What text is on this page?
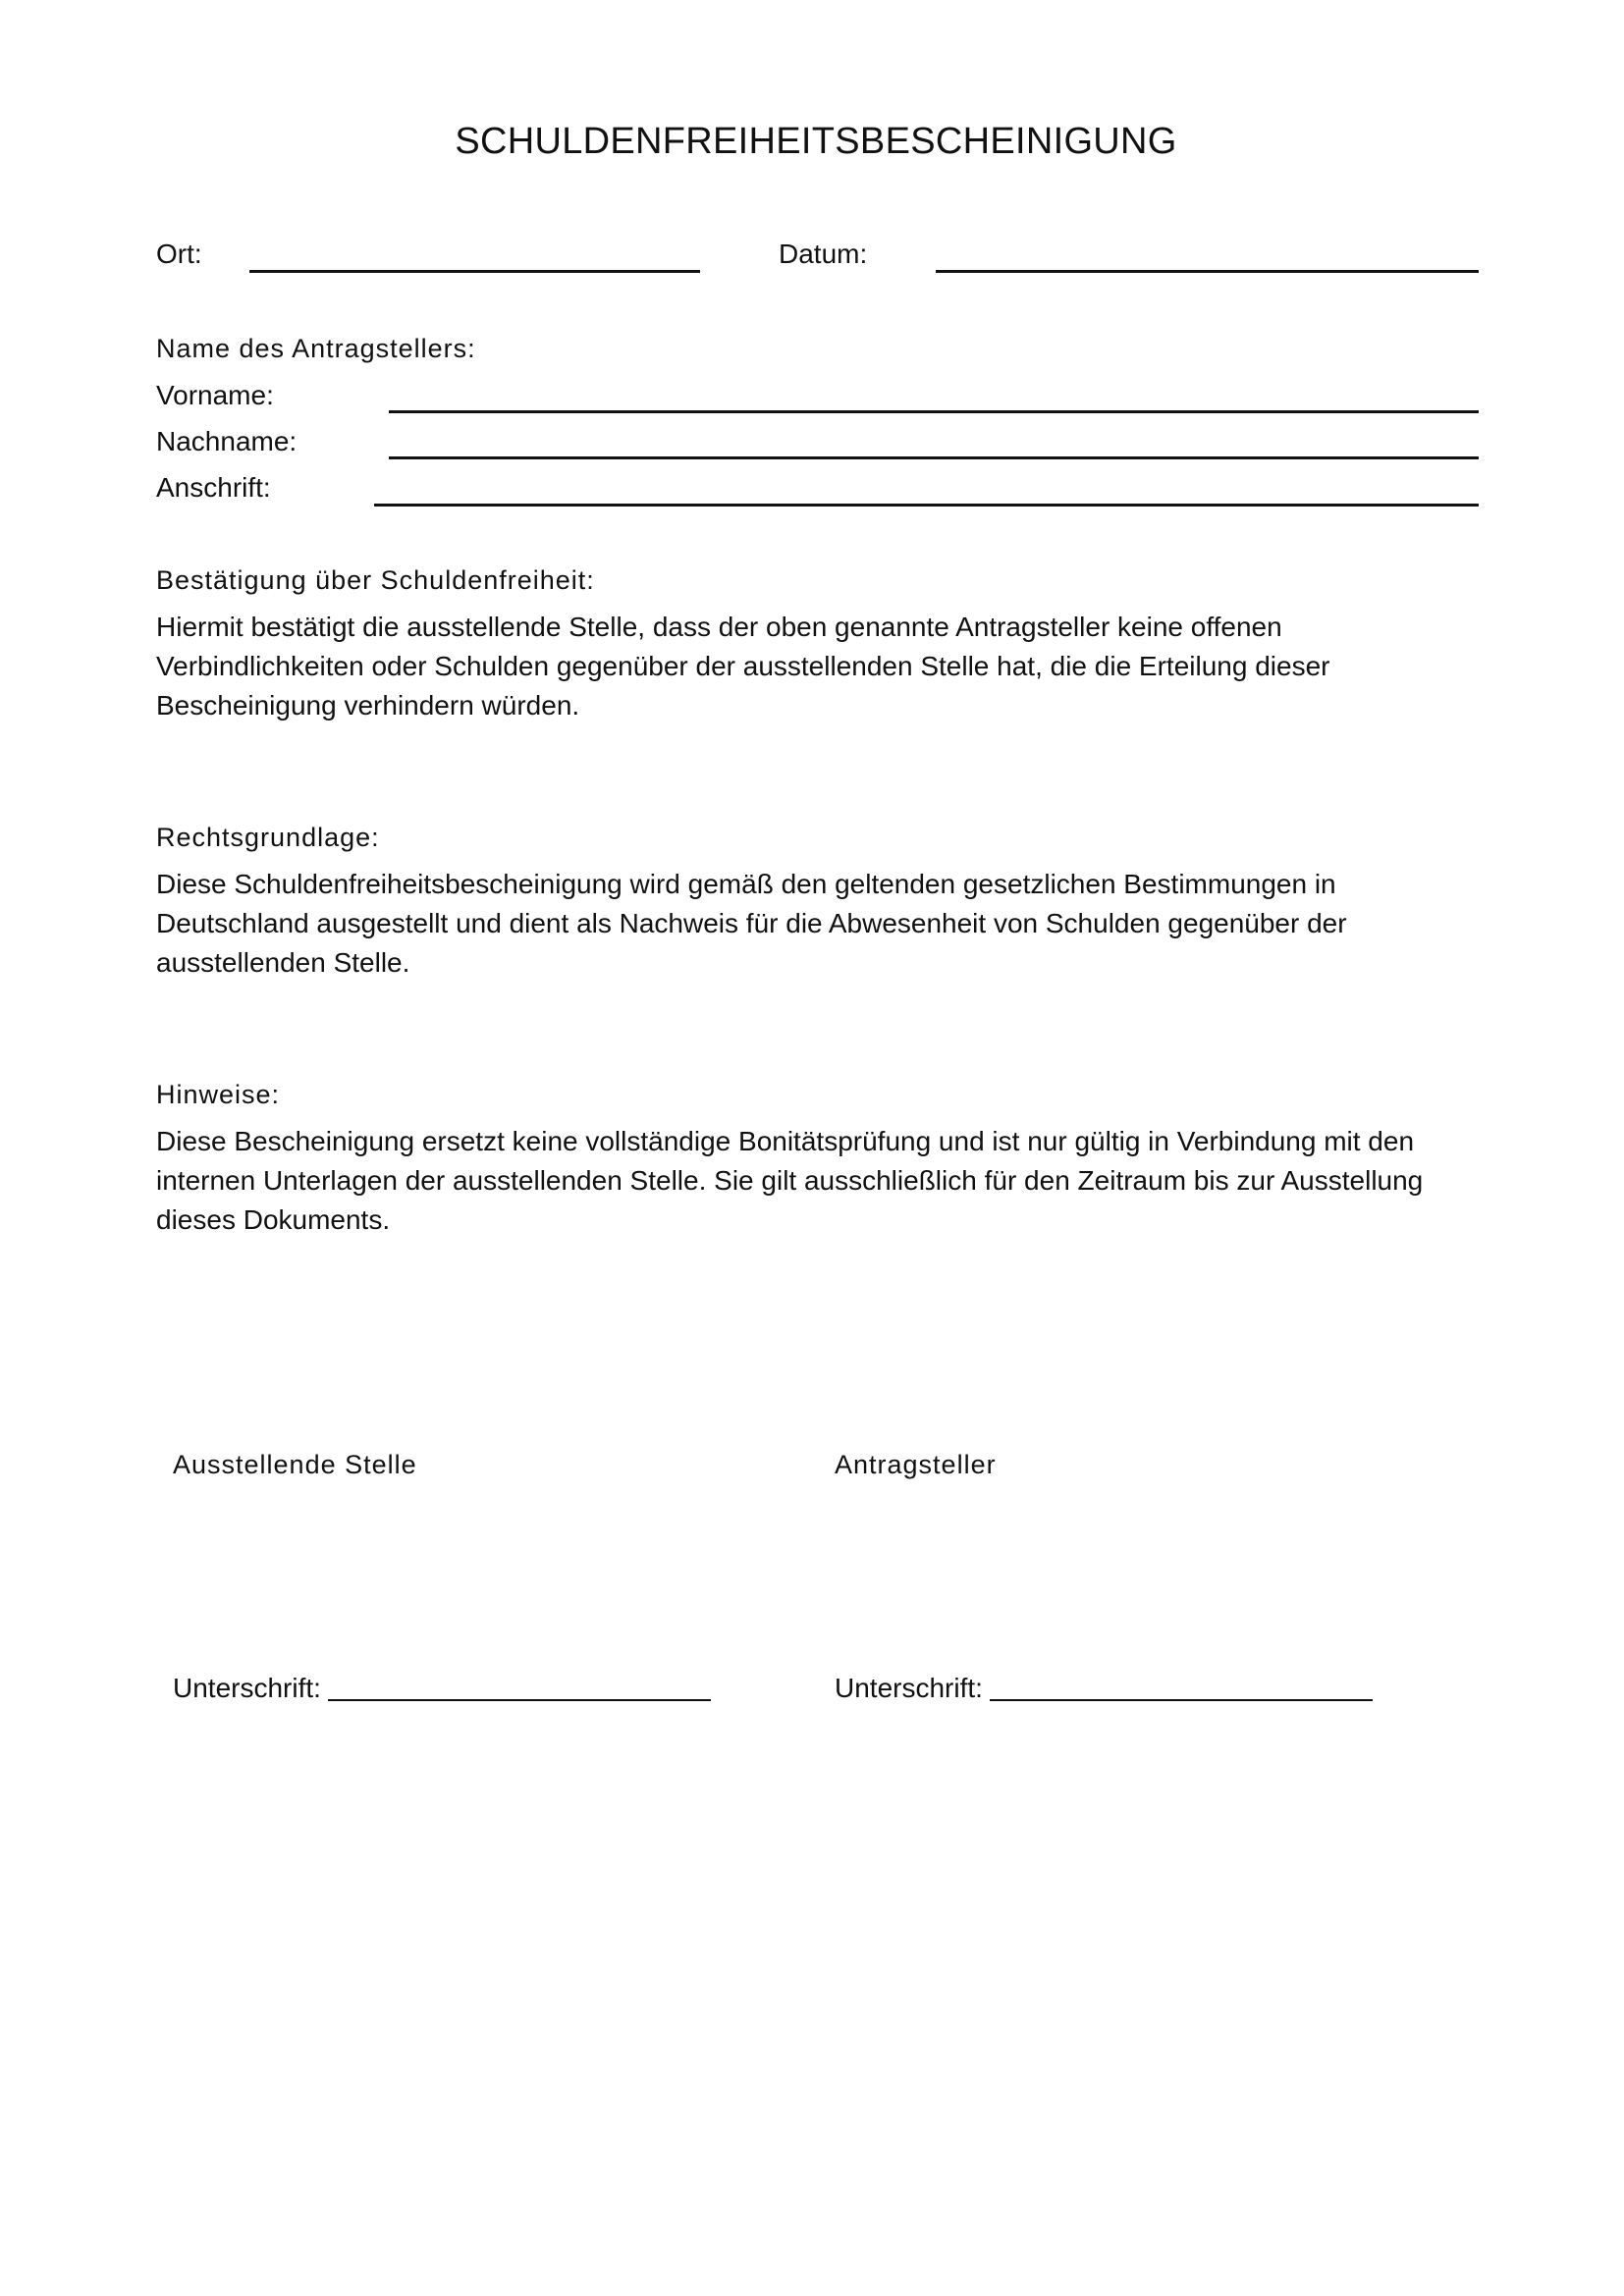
SCHULDENFREIHEITSBESCHEINIGUNG
Ort:	Datum:
Name des Antragstellers:
Vorname:
Nachname:
Anschrift:
Bestätigung über Schuldenfreiheit:
Hiermit bestätigt die ausstellende Stelle, dass der oben genannte Antragsteller keine offenen
Verbindlichkeiten oder Schulden gegenüber der ausstellenden Stelle hat, die die Erteilung dieser
Bescheinigung verhindern würden.
Rechtsgrundlage:
Diese Schuldenfreiheitsbescheinigung wird gemäß den geltenden gesetzlichen Bestimmungen in
Deutschland ausgestellt und dient als Nachweis für die Abwesenheit von Schulden gegenüber der
ausstellenden Stelle.
Hinweise:
Diese Bescheinigung ersetzt keine vollständige Bonitätsprüfung und ist nur gültig in Verbindung mit den
internen Unterlagen der ausstellenden Stelle. Sie gilt ausschließlich für den Zeitraum bis zur Ausstellung
dieses Dokuments.
Ausstellende Stelle	Antragsteller
Unterschrift:	Unterschrift:
